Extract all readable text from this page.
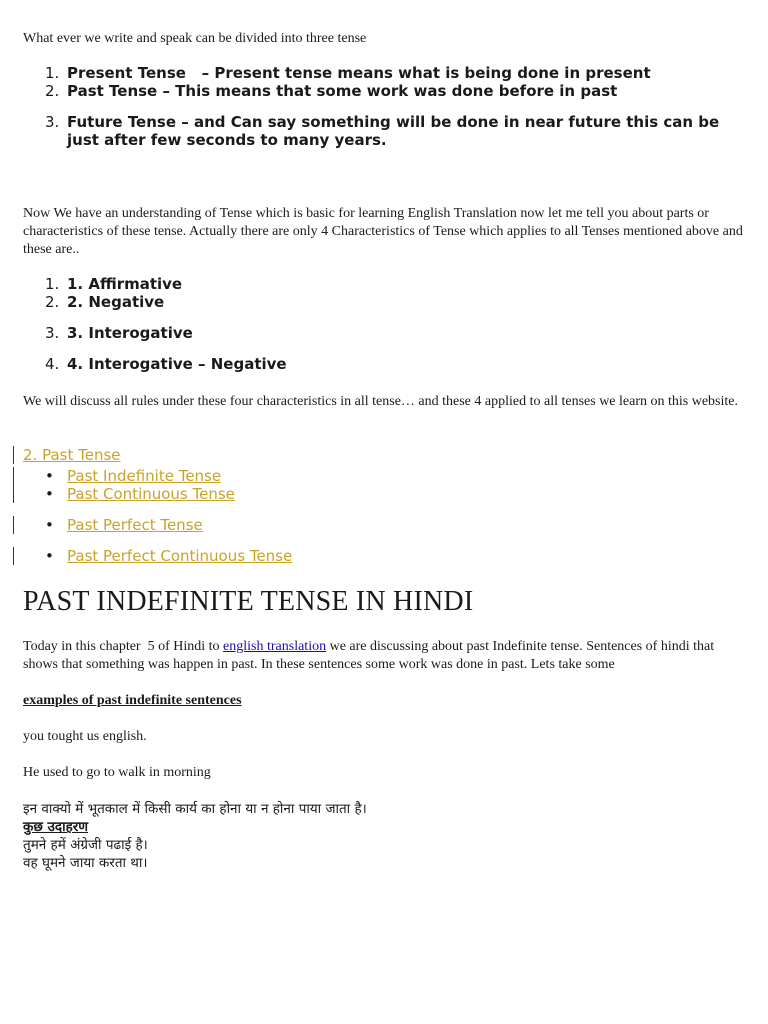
What ever we write and speak can be divided into three tense

1. Present Tense   – Present tense means what is being done in present
2. Past Tense – This means that some work was done before in past
3. Future Tense – and Can say something will be done in near future this can be just after few seconds to many years.

Now We have an understanding of Tense which is basic for learning English Translation now let me tell you about parts or characteristics of these tense. Actually there are only 4 Characteristics of Tense which applies to all Tenses mentioned above and these are..

1. 1. Affirmative
2. 2. Negative
3. 3. Interogative
4. 4. Interogative – Negative

We will discuss all rules under these four characteristics in all tense… and these 4 applied to all tenses we learn on this website.

2. Past Tense
• Past Indefinite Tense
• Past Continuous Tense
• Past Perfect Tense
• Past Perfect Continuous Tense
PAST INDEFINITE TENSE IN HINDI

Today in this chapter  5 of Hindi to english translation we are discussing about past Indefinite tense. Sentences of hindi that shows that something was happen in past. In these sentences some work was done in past. Lets take some

examples of past indefinite sentences

you tought us english.

He used to go to walk in morning

इन वाक्यो में भूतकाल में किसी कार्य का होना या न होना पाया जाता है।

कुछ उदाहरण

तुमने हमें अंग्रेजी पढाई है।

वह घूमने जाया करता था।
